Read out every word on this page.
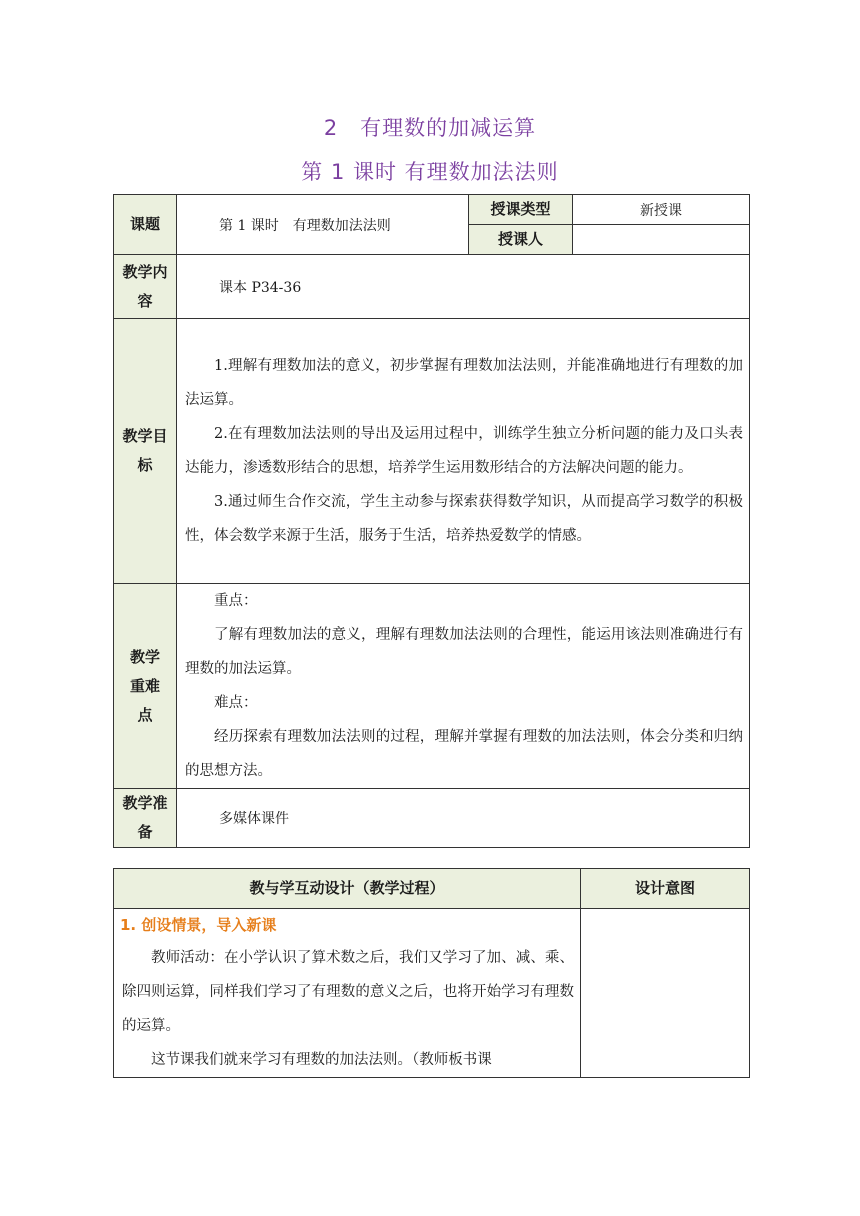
2　有理数的加减运算
第 1 课时 有理数加法法则
课题	第 1 课时　有理数加法法则	授课类型	新授课
		授课人	
教学内容	课本 P34-36		
教学目标	1.理解有理数加法的意义，初步掌握有理数加法法则，并能准确地进行有理数的加法运算。

2.在有理数加法法则的导出及运用过程中，训练学生独立分析问题的能力及口头表达能力，渗透数形结合的思想，培养学生运用数形结合的方法解决问题的能力。

3.通过师生合作交流，学生主动参与探索获得数学知识，从而提高学习数学的积极性，体会数学来源于生活，服务于生活，培养热爱数学的情感。		

教学重难点	重点：

了解有理数加法的意义，理解有理数加法法则的合理性，能运用该法则准确进行有理数的加法运算。

难点：

经历探索有理数加法法则的过程，理解并掌握有理数的加法法则，体会分类和归纳的思想方法。		

教学准备	多媒体课件		
教与学互动设计（教学过程）	设计意图

1. 创设情景，导入新课

教师活动：在小学认识了算术数之后，我们又学习了加、减、乘、除四则运算，同样我们学习了有理数的意义之后，也将开始学习有理数的运算。

这节课我们就来学习有理数的加法法则。（教师板书课	
